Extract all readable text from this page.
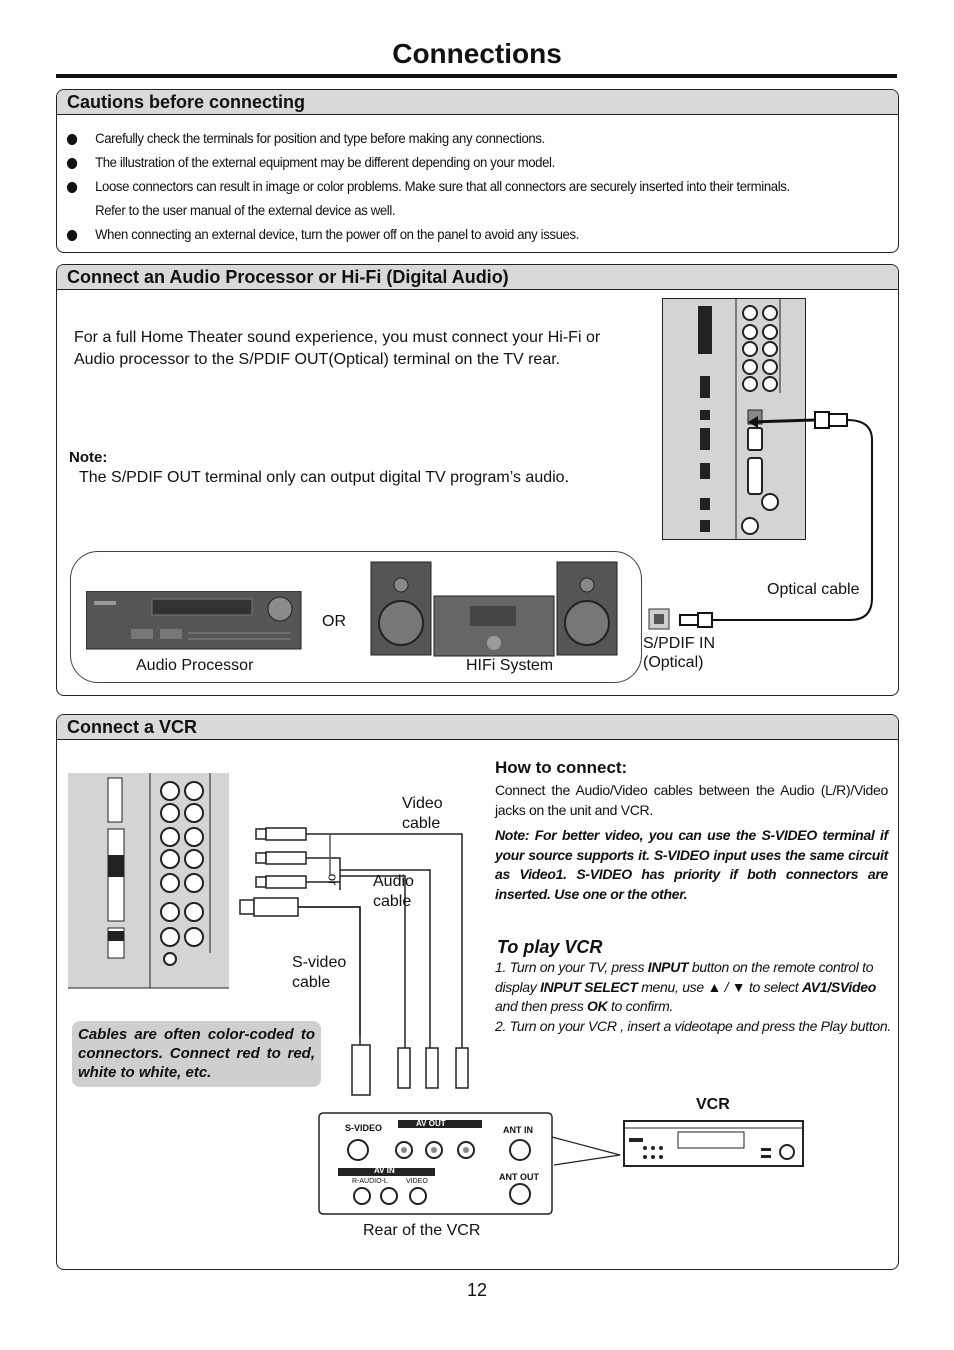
Connections
Cautions before connecting
Carefully check the terminals for position and type before making any connections.
The illustration of the external equipment may be different depending on your model.
Loose connectors can result in image or color problems. Make sure that all connectors are securely inserted into their terminals.
Refer to the user manual of the external device as well.
When connecting an external device, turn the power off on the panel to avoid any issues.
Connect an Audio Processor or Hi-Fi (Digital Audio)
For a full Home Theater sound experience, you must connect your Hi-Fi or Audio processor to the S/PDIF OUT(Optical) terminal on the TV rear.
Note:
The S/PDIF OUT terminal only can output digital TV program’s audio.
Optical cable
S/PDIF IN
(Optical)
OR
Audio Processor	HIFi System
Connect a VCR
How to connect:
Connect the Audio/Video cables between the Audio (L/R)/Video jacks on the unit and VCR.
Note: For better video, you can use the S-VIDEO terminal if your source supports it. S-VIDEO input uses the same circuit as Video1. S-VIDEO has priority if both connectors are inserted. Use one or the other.
To play VCR
1. Turn on your TV, press INPUT button on the remote control to display INPUT SELECT menu, use ▲ / ▼ to select AV1/SVideo and then press OK to confirm.
2. Turn on your VCR , insert a videotape and press the Play button.
or
Video
cable
Audio
cable
S-video
cable
Cables are often color-coded to connectors. Connect red to red, white to white, etc.
S-VIDEO	AV OUT
AV IN
R-AUDIO-L	VIDEO
ANT IN
ANT OUT
VCR
Rear of the VCR
12
